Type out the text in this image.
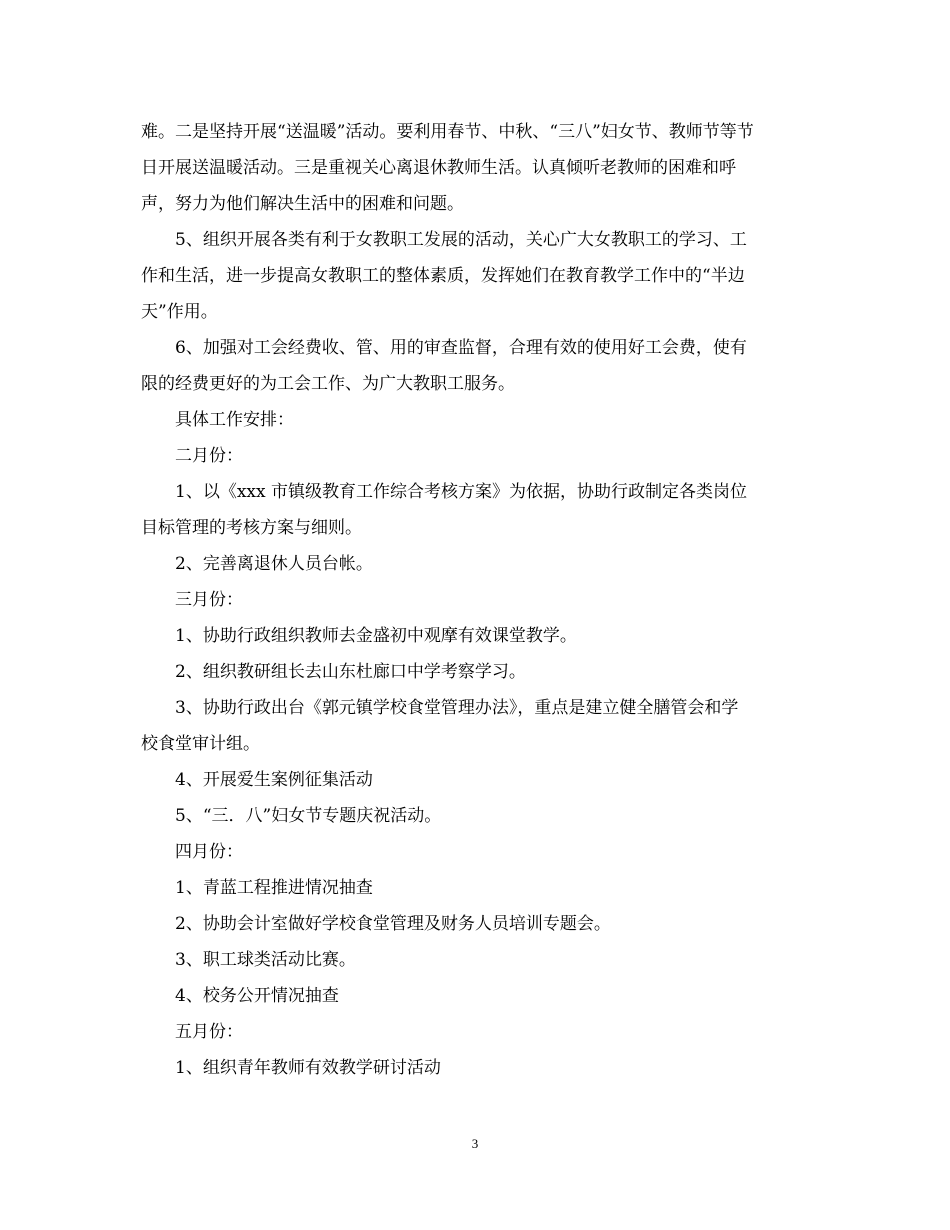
难。二是坚持开展“送温暖”活动。要利用春节、中秋、“三八”妇女节、教师节等节
日开展送温暖活动。三是重视关心离退休教师生活。认真倾听老教师的困难和呼
声，努力为他们解决生活中的困难和问题。
5、组织开展各类有利于女教职工发展的活动，关心广大女教职工的学习、工
作和生活，进一步提高女教职工的整体素质，发挥她们在教育教学工作中的“半边
天”作用。
6、加强对工会经费收、管、用的审查监督，合理有效的使用好工会费，使有
限的经费更好的为工会工作、为广大教职工服务。
具体工作安排：
二月份：
1、以《xxx 市镇级教育工作综合考核方案》为依据，协助行政制定各类岗位
目标管理的考核方案与细则。
2、完善离退休人员台帐。
三月份：
1、协助行政组织教师去金盛初中观摩有效课堂教学。
2、组织教研组长去山东杜廊口中学考察学习。
3、协助行政出台《郭元镇学校食堂管理办法》，重点是建立健全膳管会和学
校食堂审计组。
4、开展爱生案例征集活动
5、“三．八”妇女节专题庆祝活动。
四月份：
1、青蓝工程推进情况抽查
2、协助会计室做好学校食堂管理及财务人员培训专题会。
3、职工球类活动比赛。
4、校务公开情况抽查
五月份：
1、组织青年教师有效教学研讨活动
3
